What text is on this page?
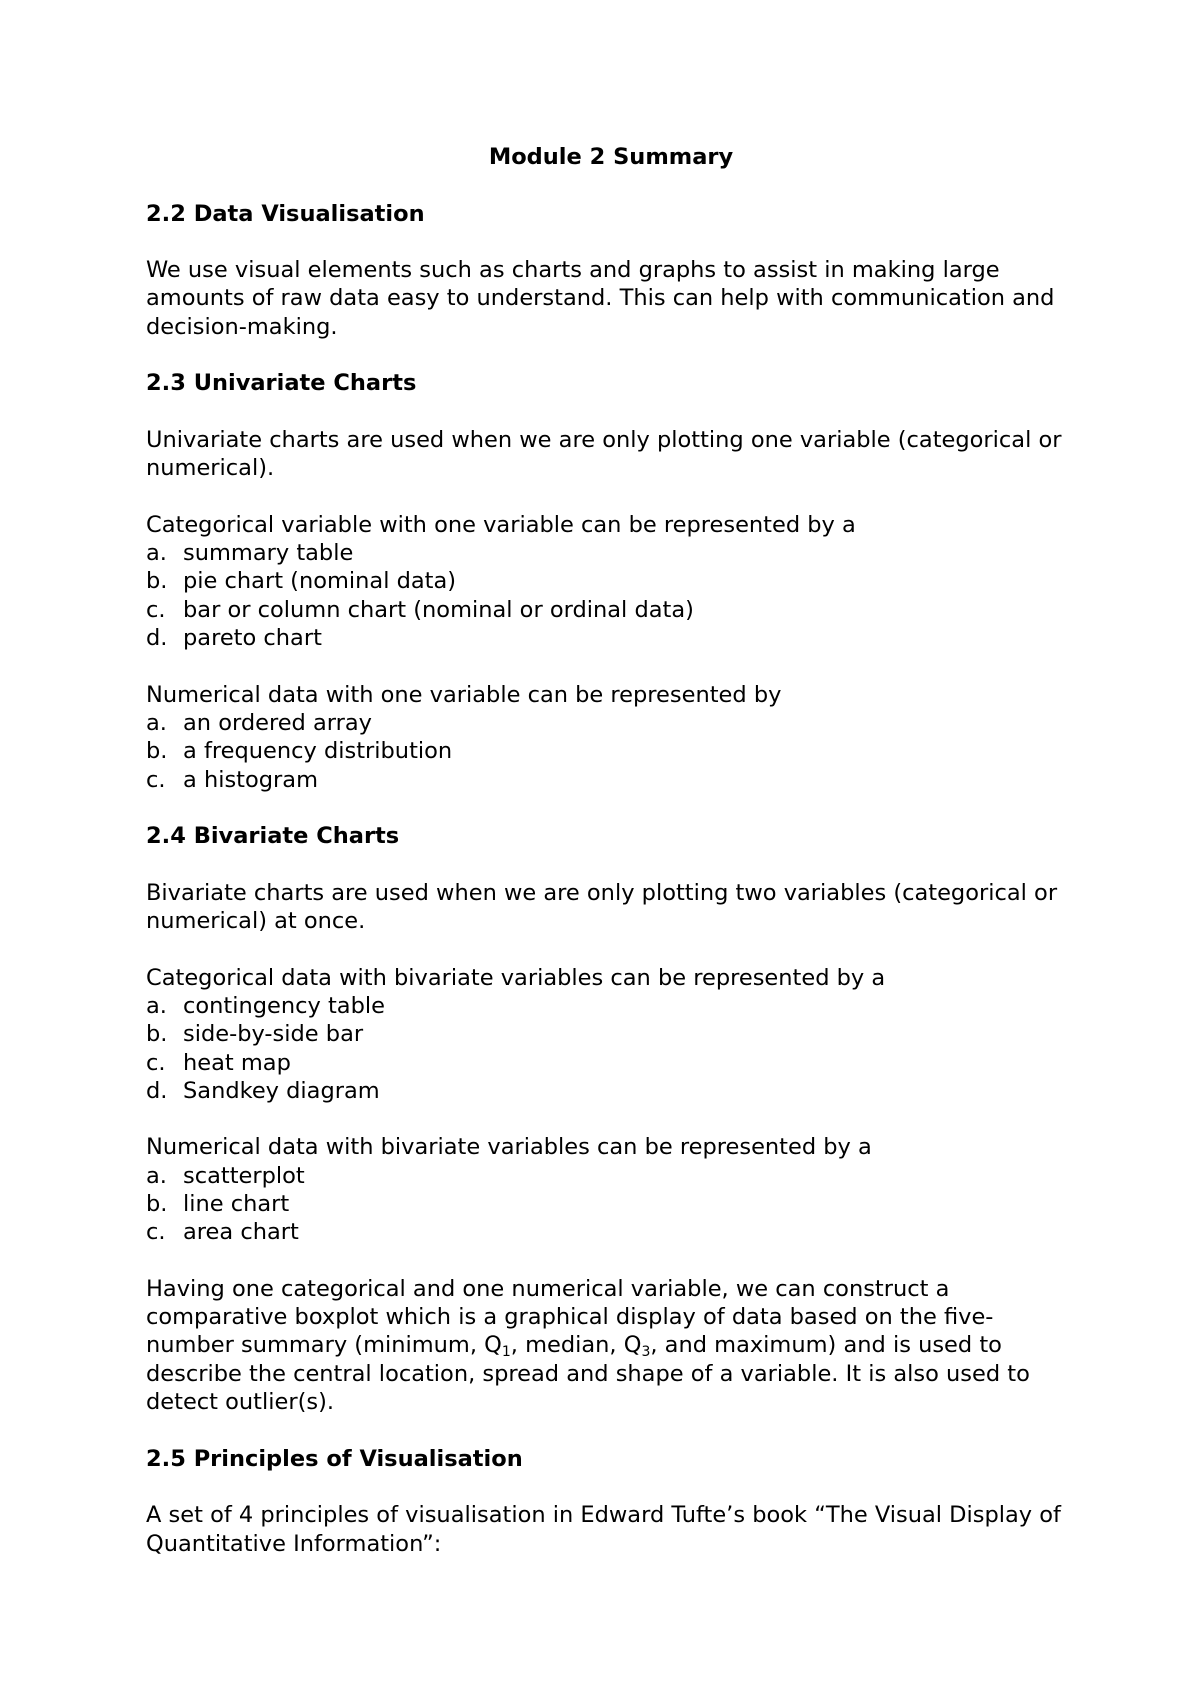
Module 2 Summary
2.2 Data Visualisation

We use visual elements such as charts and graphs to assist in making large amounts of raw data easy to understand. This can help with communication and decision-making.

2.3 Univariate Charts

Univariate charts are used when we are only plotting one variable (categorical or numerical).

Categorical variable with one variable can be represented by a

a. summary table
b. pie chart (nominal data)
c. bar or column chart (nominal or ordinal data)
d. pareto chart

Numerical data with one variable can be represented by

a. an ordered array
b. a frequency distribution
c. a histogram
2.4 Bivariate Charts

Bivariate charts are used when we are only plotting two variables (categorical or numerical) at once.

Categorical data with bivariate variables can be represented by a

a. contingency table
b. side-by-side bar
c. heat map
d. Sandkey diagram

Numerical data with bivariate variables can be represented by a

a. scatterplot
b. line chart
c. area chart

Having one categorical and one numerical variable, we can construct a comparative boxplot which is a graphical display of data based on the five-number summary (minimum, $Q_1$, median, $Q_3$, and maximum) and is used to describe the central location, spread and shape of a variable. It is also used to detect outlier(s).

2.5 Principles of Visualisation

A set of 4 principles of visualisation in Edward Tufte’s book “The Visual Display of Quantitative Information”:
